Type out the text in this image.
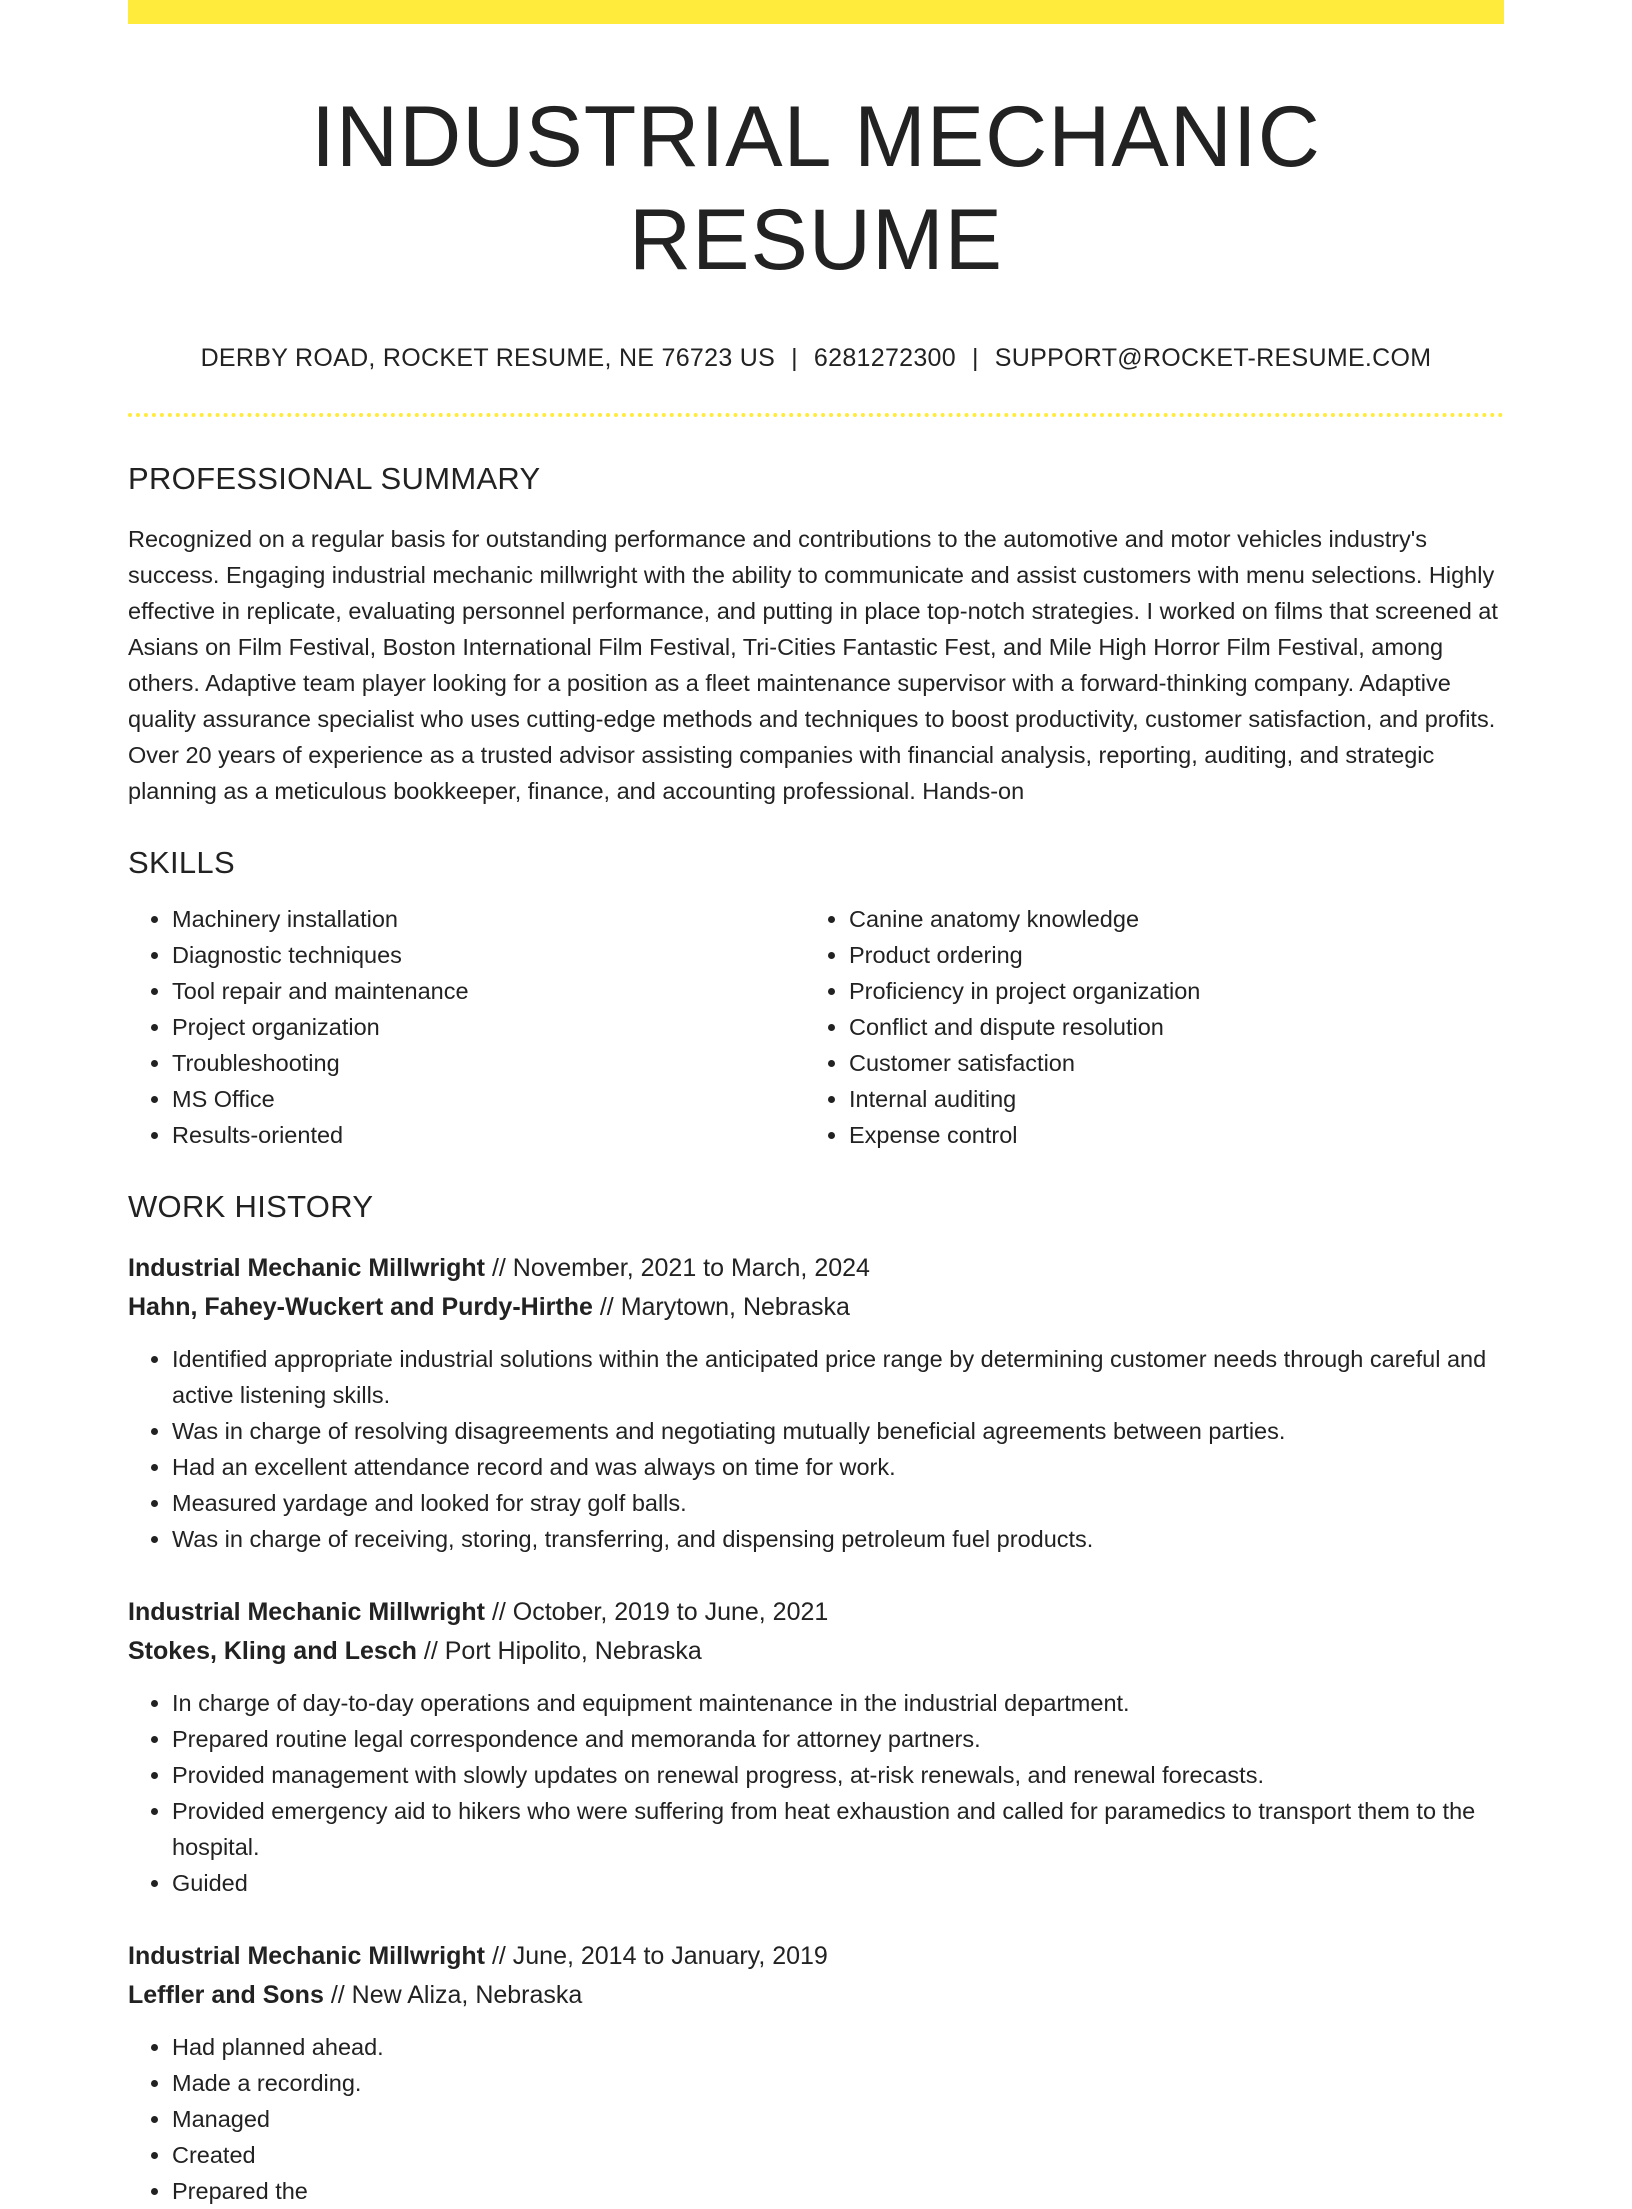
INDUSTRIAL MECHANIC RESUME
DERBY ROAD, ROCKET RESUME, NE 76723 US | 6281272300 | SUPPORT@ROCKET-RESUME.COM
PROFESSIONAL SUMMARY
Recognized on a regular basis for outstanding performance and contributions to the automotive and motor vehicles industry's success. Engaging industrial mechanic millwright with the ability to communicate and assist customers with menu selections. Highly effective in replicate, evaluating personnel performance, and putting in place top-notch strategies. I worked on films that screened at Asians on Film Festival, Boston International Film Festival, Tri-Cities Fantastic Fest, and Mile High Horror Film Festival, among others. Adaptive team player looking for a position as a fleet maintenance supervisor with a forward-thinking company. Adaptive quality assurance specialist who uses cutting-edge methods and techniques to boost productivity, customer satisfaction, and profits. Over 20 years of experience as a trusted advisor assisting companies with financial analysis, reporting, auditing, and strategic planning as a meticulous bookkeeper, finance, and accounting professional. Hands-on
SKILLS
• Machinery installation
• Diagnostic techniques
• Tool repair and maintenance
• Project organization
• Troubleshooting
• MS Office
• Results-oriented
• Canine anatomy knowledge
• Product ordering
• Proficiency in project organization
• Conflict and dispute resolution
• Customer satisfaction
• Internal auditing
• Expense control
WORK HISTORY
Industrial Mechanic Millwright // November, 2021 to March, 2024
Hahn, Fahey-Wuckert and Purdy-Hirthe // Marytown, Nebraska
• Identified appropriate industrial solutions within the anticipated price range by determining customer needs through careful and active listening skills.
• Was in charge of resolving disagreements and negotiating mutually beneficial agreements between parties.
• Had an excellent attendance record and was always on time for work.
• Measured yardage and looked for stray golf balls.
• Was in charge of receiving, storing, transferring, and dispensing petroleum fuel products.
Industrial Mechanic Millwright // October, 2019 to June, 2021
Stokes, Kling and Lesch // Port Hipolito, Nebraska
• In charge of day-to-day operations and equipment maintenance in the industrial department.
• Prepared routine legal correspondence and memoranda for attorney partners.
• Provided management with slowly updates on renewal progress, at-risk renewals, and renewal forecasts.
• Provided emergency aid to hikers who were suffering from heat exhaustion and called for paramedics to transport them to the hospital.
• Guided
Industrial Mechanic Millwright // June, 2014 to January, 2019
Leffler and Sons // New Aliza, Nebraska
• Had planned ahead.
• Made a recording.
• Managed
• Created
• Prepared the
